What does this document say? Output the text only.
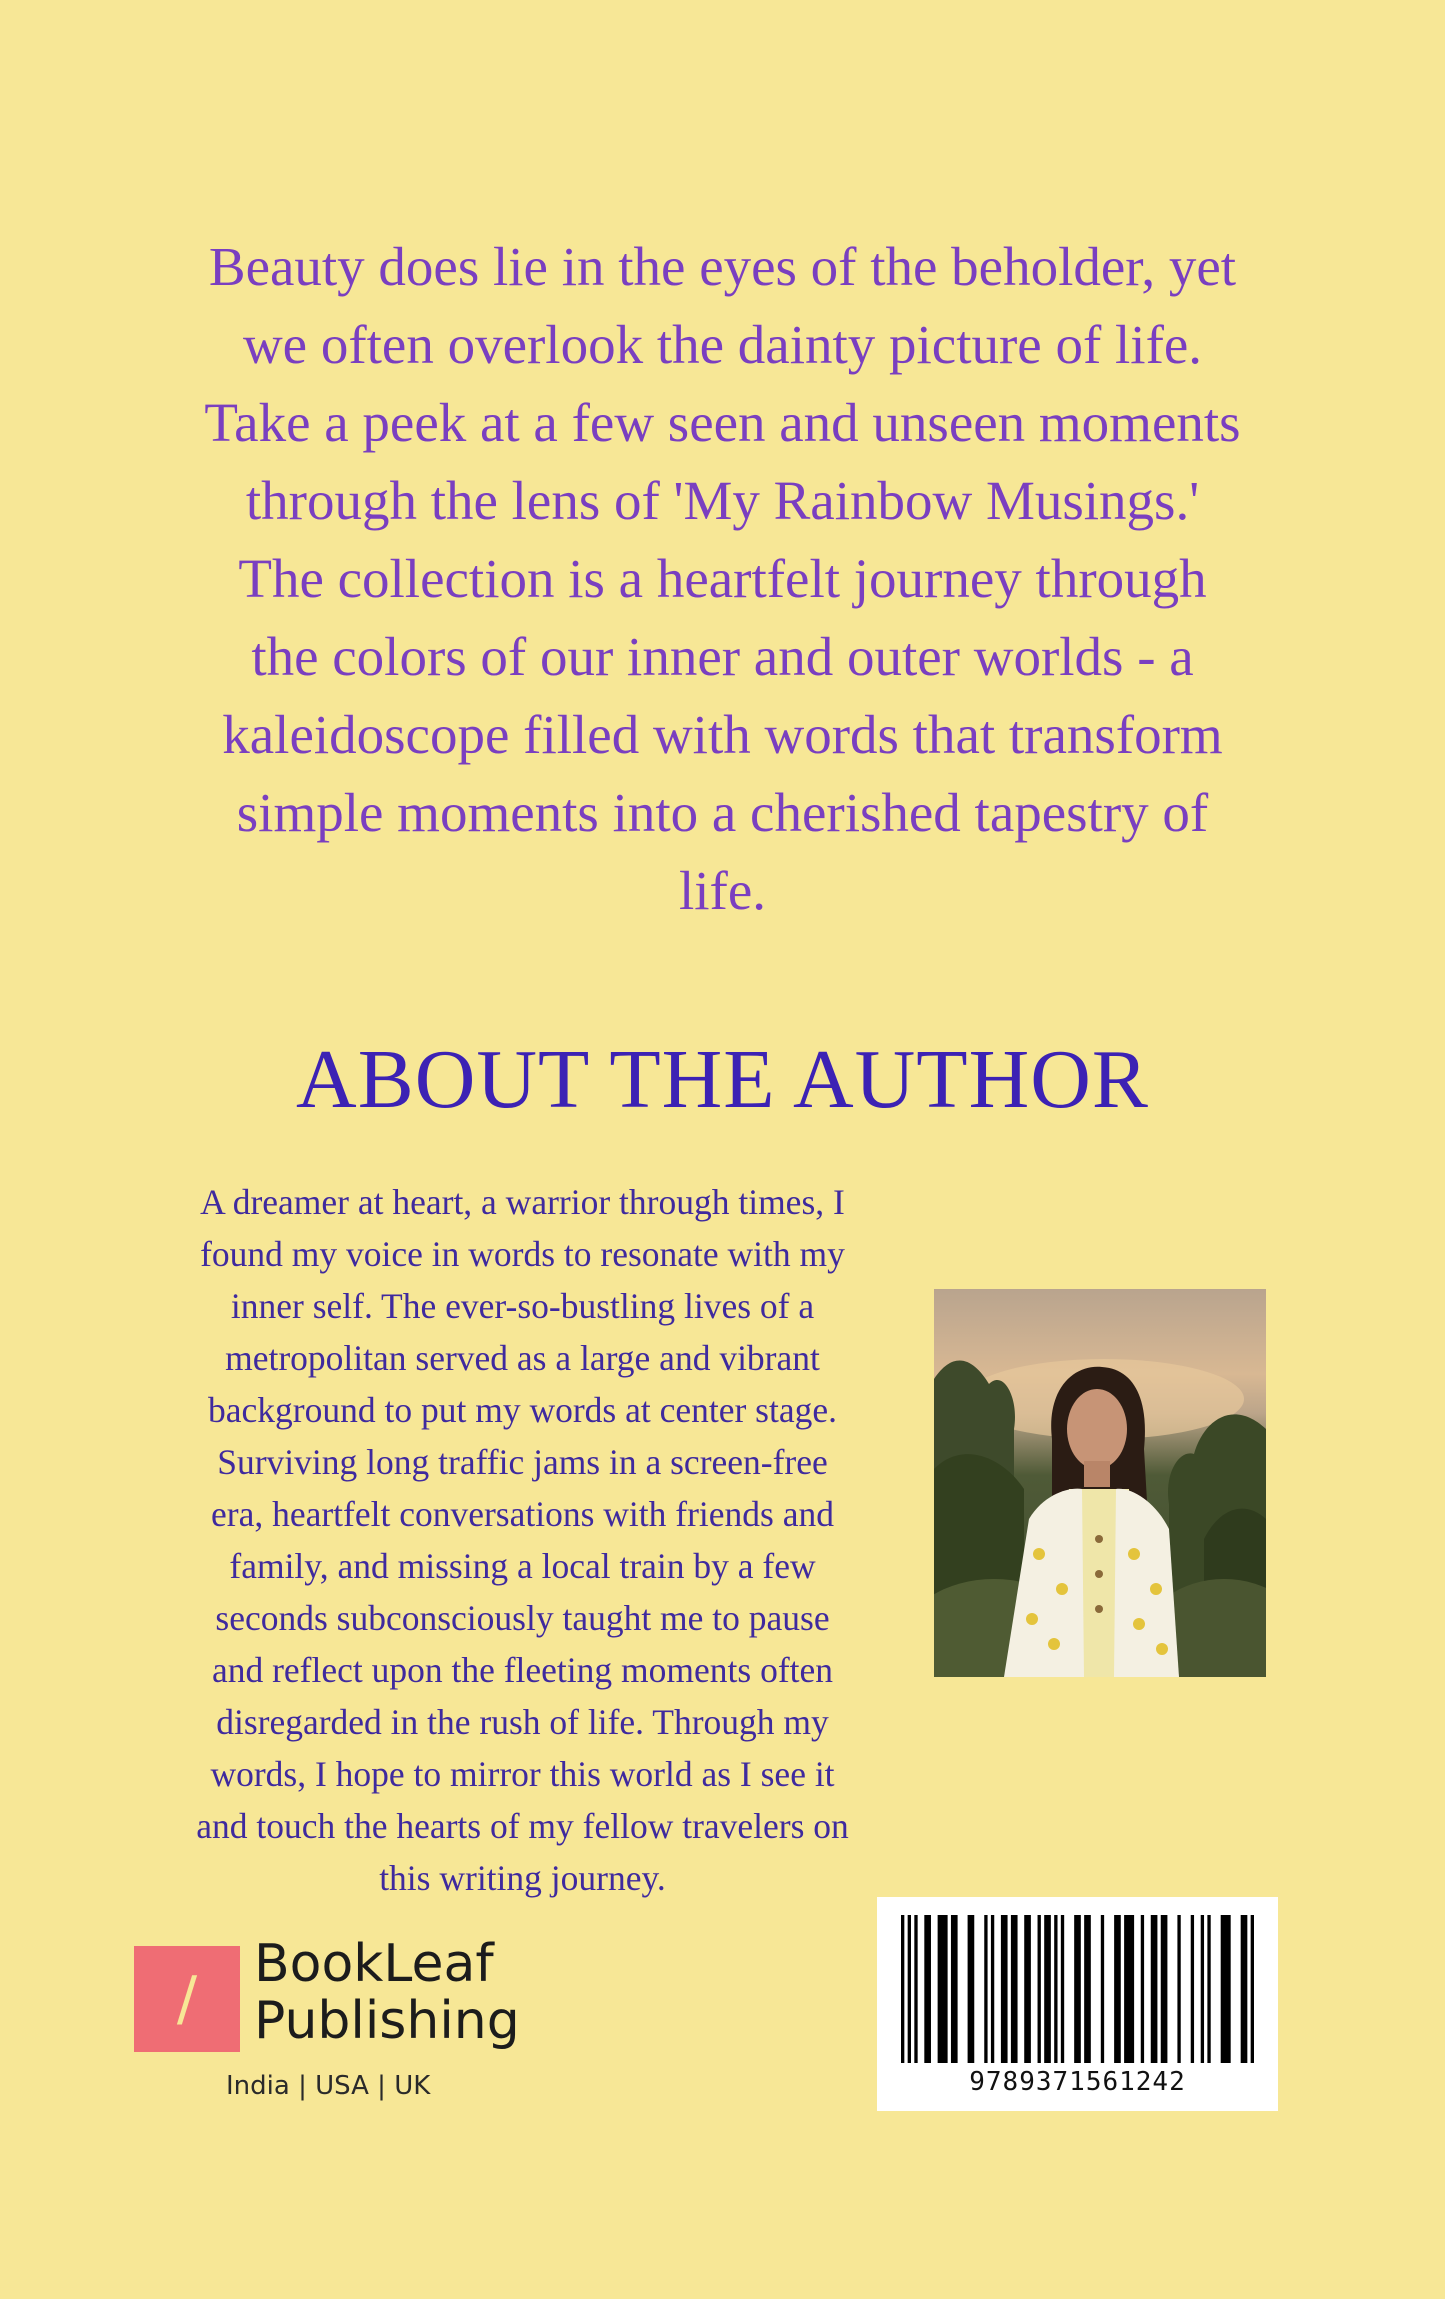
Beauty does lie in the eyes of the beholder, yet
we often overlook the dainty picture of life.
Take a peek at a few seen and unseen moments
through the lens of 'My Rainbow Musings.'
The collection is a heartfelt journey through
the colors of our inner and outer worlds - a
kaleidoscope filled with words that transform
simple moments into a cherished tapestry of
life.
ABOUT THE AUTHOR
A dreamer at heart, a warrior through times, I
found my voice in words to resonate with my
inner self. The ever-so-bustling lives of a
metropolitan served as a large and vibrant
background to put my words at center stage.
Surviving long traffic jams in a screen-free
era, heartfelt conversations with friends and
family, and missing a local train by a few
seconds subconsciously taught me to pause
and reflect upon the fleeting moments often
disregarded in the rush of life. Through my
words, I hope to mirror this world as I see it
and touch the hearts of my fellow travelers on
this writing journey.
/	BookLeaf
Publishing
India | USA | UK	9789371561242
